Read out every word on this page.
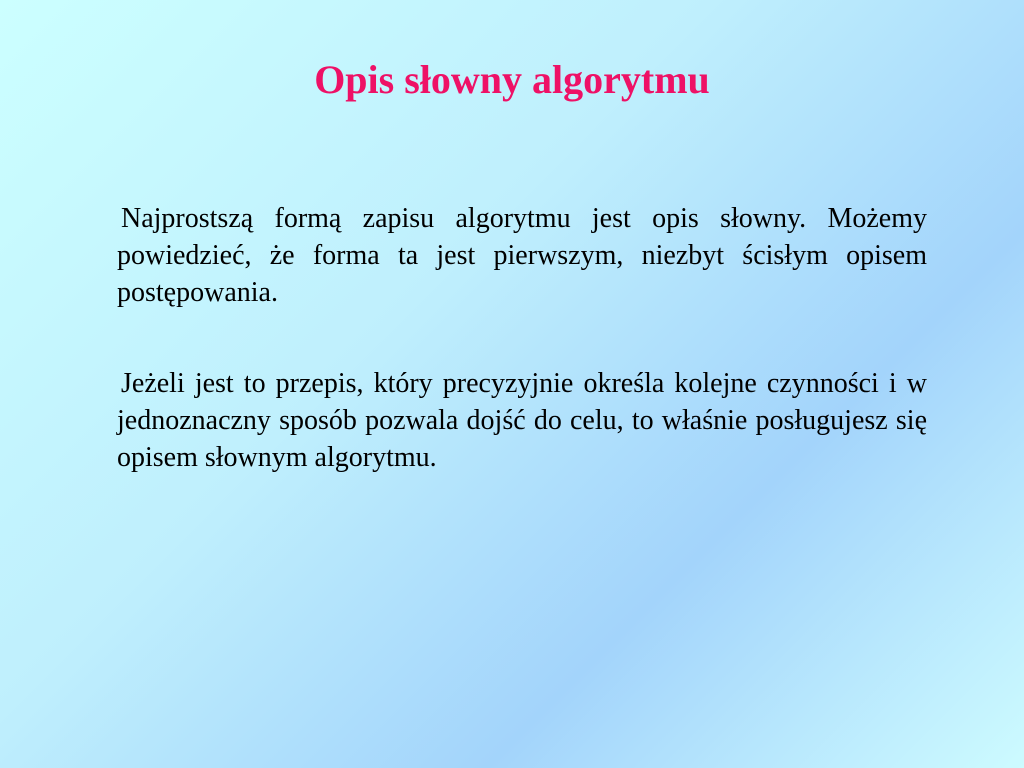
Opis słowny algorytmu

Najprostszą formą zapisu algorytmu jest opis słowny. Możemy powiedzieć, że forma ta jest pierwszym, niezbyt ścisłym opisem postępowania.

Jeżeli jest to przepis, który precyzyjnie określa kolejne czynności i w jednoznaczny sposób pozwala dojść do celu, to właśnie posługujesz się opisem słownym algorytmu.
